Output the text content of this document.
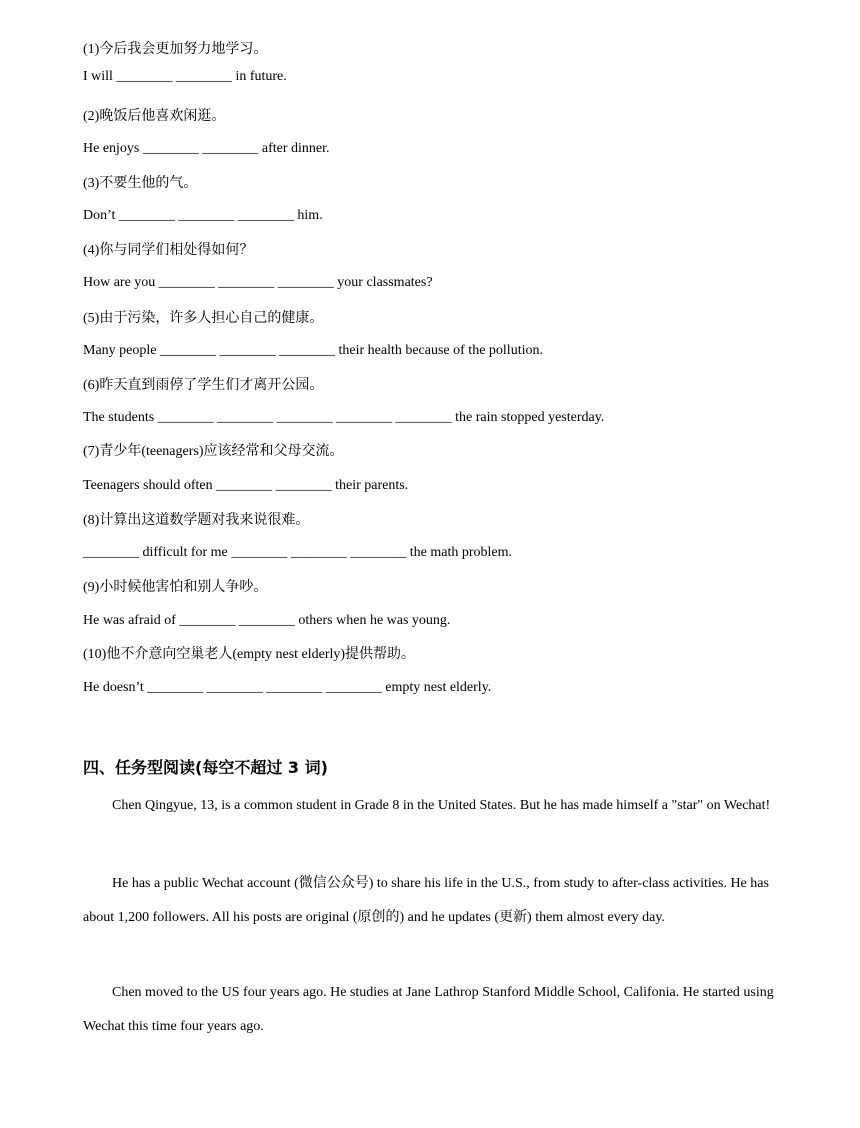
(1)今后我会更加努力地学习。
I will ________ ________ in future.
(2)晚饭后他喜欢闲逛。
He enjoys ________ ________ after dinner.
(3)不要生他的气。
Don’t ________ ________ ________ him.
(4)你与同学们相处得如何？
How are you ________ ________ ________ your classmates?
(5)由于污染，许多人担心自己的健康。
Many people ________ ________ ________ their health because of the pollution.
(6)昨天直到雨停了学生们才离开公园。
The students ________ ________ ________ ________ ________ the rain stopped yesterday.
(7)青少年(teenagers)应该经常和父母交流。
Teenagers should often ________ ________ their parents.
(8)计算出这道数学题对我来说很难。
________ difficult for me ________ ________ ________ the math problem.
(9)小时候他害怕和别人争吵。
He was afraid of ________ ________ others when he was young.
(10)他不介意向空巢老人(empty nest elderly)提供帮助。
He doesn’t ________ ________ ________ ________ empty nest elderly.
四、任务型阅读(每空不超过 3 词)

Chen Qingyue, 13, is a common student in Grade 8 in the United States. But he has made himself a "star" on Wechat!

He has a public Wechat account (微信公众号) to share his life in the U.S., from study to after-class activities. He has about 1,200 followers. All his posts are original (原创的) and he updates (更新) them almost every day.

Chen moved to the US four years ago. He studies at Jane Lathrop Stanford Middle School, Califonia. He started using Wechat this time four years ago.
